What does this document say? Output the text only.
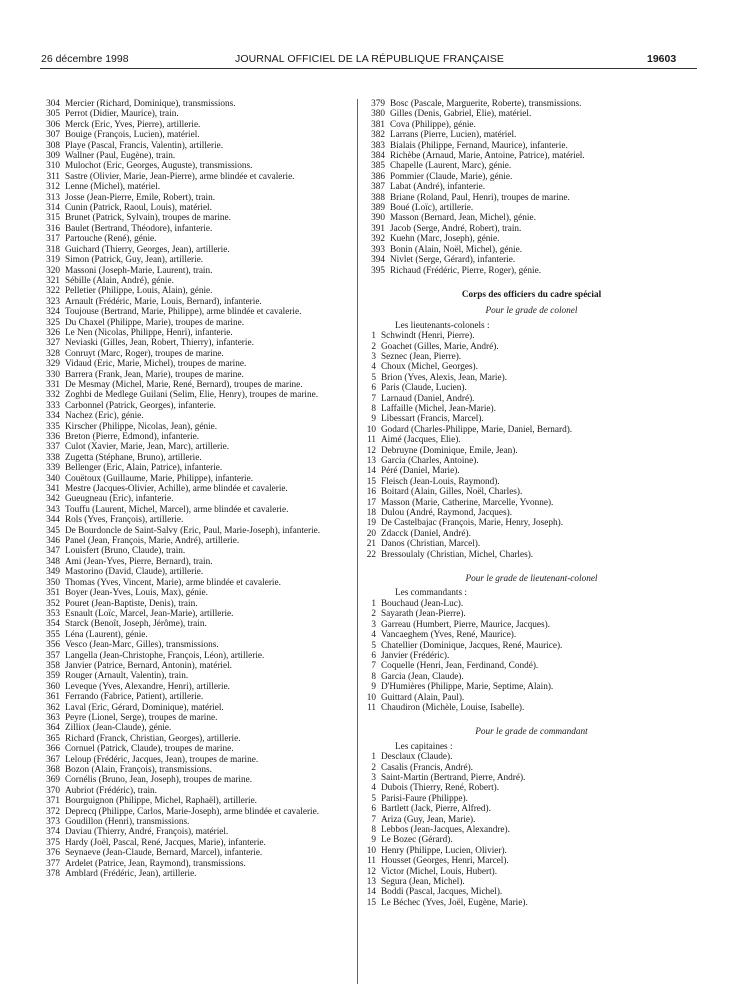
26 décembre 1998	JOURNAL OFFICIEL DE LA RÉPUBLIQUE FRANÇAISE	19603
304 Mercier (Richard, Dominique), transmissions.
305 Perrot (Didier, Maurice), train.
306 Merck (Eric, Yves, Pierre), artillerie.
307 Bouige (François, Lucien), matériel.
308 Playe (Pascal, Francis, Valentin), artillerie.
309 Wallner (Paul, Eugène), train.
310 Mulochot (Eric, Georges, Auguste), transmissions.
311 Sastre (Olivier, Marie, Jean-Pierre), arme blindée et cavalerie.
312 Lenne (Michel), matériel.
313 Josse (Jean-Pierre, Emile, Robert), train.
314 Cunin (Patrick, Raoul, Louis), matériel.
315 Brunet (Patrick, Sylvain), troupes de marine.
316 Baulet (Bertrand, Théodore), infanterie.
317 Partouche (René), génie.
318 Guichard (Thierry, Georges, Jean), artillerie.
319 Simon (Patrick, Guy, Jean), artillerie.
320 Massoni (Joseph-Marie, Laurent), train.
321 Sébille (Alain, André), génie.
322 Pelletier (Philippe, Louis, Alain), génie.
323 Arnault (Frédéric, Marie, Louis, Bernard), infanterie.
324 Toujouse (Bertrand, Marie, Philippe), arme blindée et cavalerie.
325 Du Chaxel (Philippe, Marie), troupes de marine.
326 Le Nen (Nicolas, Philippe, Henri), infanterie.
327 Neviaski (Gilles, Jean, Robert, Thierry), infanterie.
328 Conruyt (Marc, Roger), troupes de marine.
329 Vidaud (Eric, Marie, Michel), troupes de marine.
330 Barrera (Frank, Jean, Marie), troupes de marine.
331 De Mesmay (Michel, Marie, René, Bernard), troupes de marine.
332 Zoghbi de Medlege Guilani (Selim, Elie, Henry), troupes de marine.
333 Carbonnel (Patrick, Georges), infanterie.
334 Nachez (Eric), génie.
335 Kirscher (Philippe, Nicolas, Jean), génie.
336 Breton (Pierre, Edmond), infanterie.
337 Culot (Xavier, Marie, Jean, Marc), artillerie.
338 Zugetta (Stéphane, Bruno), artillerie.
339 Bellenger (Eric, Alain, Patrice), infanterie.
340 Couëtoux (Guillaume, Marie, Philippe), infanterie.
341 Mestre (Jacques-Olivier, Achille), arme blindée et cavalerie.
342 Gueugneau (Eric), infanterie.
343 Touffu (Laurent, Michel, Marcel), arme blindée et cavalerie.
344 Rols (Yves, François), artillerie.
345 De Bourdoncle de Saint-Salvy (Eric, Paul, Marie-Joseph), infanterie.
346 Panel (Jean, François, Marie, André), artillerie.
347 Louisfert (Bruno, Claude), train.
348 Ami (Jean-Yves, Pierre, Bernard), train.
349 Mastorino (David, Claude), artillerie.
350 Thomas (Yves, Vincent, Marie), arme blindée et cavalerie.
351 Boyer (Jean-Yves, Louis, Max), génie.
352 Pouret (Jean-Baptiste, Denis), train.
353 Esnault (Loïc, Marcel, Jean-Marie), artillerie.
354 Starck (Benoît, Joseph, Jérôme), train.
355 Léna (Laurent), génie.
356 Vesco (Jean-Marc, Gilles), transmissions.
357 Langella (Jean-Christophe, François, Léon), artillerie.
358 Janvier (Patrice, Bernard, Antonin), matériel.
359 Rouger (Arnault, Valentin), train.
360 Leveque (Yves, Alexandre, Henri), artillerie.
361 Ferrando (Fabrice, Patient), artillerie.
362 Laval (Eric, Gérard, Dominique), matériel.
363 Peyre (Lionel, Serge), troupes de marine.
364 Zilliox (Jean-Claude), génie.
365 Richard (Franck, Christian, Georges), artillerie.
366 Cornuel (Patrick, Claude), troupes de marine.
367 Leloup (Frédéric, Jacques, Jean), troupes de marine.
368 Bozon (Alain, François), transmissions.
369 Cornélis (Bruno, Jean, Joseph), troupes de marine.
370 Aubriot (Frédéric), train.
371 Bourguignon (Philippe, Michel, Raphaël), artillerie.
372 Deprecq (Philippe, Carlos, Marie-Joseph), arme blindée et cavalerie.
373 Goudillon (Henri), transmissions.
374 Daviau (Thierry, André, François), matériel.
375 Hardy (Joël, Pascal, René, Jacques, Marie), infanterie.
376 Seynaeve (Jean-Claude, Bernard, Marcel), infanterie.
377 Ardelet (Patrice, Jean, Raymond), transmissions.
378 Amblard (Frédéric, Jean), artillerie.
379 Bosc (Pascale, Marguerite, Roberte), transmissions.
380 Gilles (Denis, Gabriel, Elie), matériel.
381 Cova (Philippe), génie.
382 Larrans (Pierre, Lucien), matériel.
383 Bialais (Philippe, Fernand, Maurice), infanterie.
384 Richèbe (Arnaud, Marie, Antoine, Patrice), matériel.
385 Chapelle (Laurent, Marc), génie.
386 Pommier (Claude, Marie), génie.
387 Labat (André), infanterie.
388 Briane (Roland, Paul, Henri), troupes de marine.
389 Boué (Loïc), artillerie.
390 Masson (Bernard, Jean, Michel), génie.
391 Jacob (Serge, André, Robert), train.
392 Kuehn (Marc, Joseph), génie.
393 Bonin (Alain, Noël, Michel), génie.
394 Nivlet (Serge, Gérard), infanterie.
395 Richaud (Frédéric, Pierre, Roger), génie.
Corps des officiers du cadre spécial
Pour le grade de colonel
Les lieutenants-colonels :
1 Schwindt (Henri, Pierre).
2 Goachet (Gilles, Marie, André).
3 Seznec (Jean, Pierre).
4 Choux (Michel, Georges).
5 Brion (Yves, Alexis, Jean, Marie).
6 Paris (Claude, Lucien).
7 Larnaud (Daniel, André).
8 Laffaille (Michel, Jean-Marie).
9 Libessart (Francis, Marcel).
10 Godard (Charles-Philippe, Marie, Daniel, Bernard).
11 Aimé (Jacques, Elie).
12 Debruyne (Dominique, Emile, Jean).
13 Garcia (Charles, Antoine).
14 Péré (Daniel, Marie).
15 Fleisch (Jean-Louis, Raymond).
16 Boitard (Alain, Gilles, Noël, Charles).
17 Masson (Marie, Catherine, Marcelle, Yvonne).
18 Dulou (André, Raymond, Jacques).
19 De Castelbajac (François, Marie, Henry, Joseph).
20 Zdacck (Daniel, André).
21 Danos (Christian, Marcel).
22 Bressoulaly (Christian, Michel, Charles).
Pour le grade de lieutenant-colonel
Les commandants :
1 Bouchaud (Jean-Luc).
2 Sayarath (Jean-Pierre).
3 Garreau (Humbert, Pierre, Maurice, Jacques).
4 Vancaeghem (Yves, René, Maurice).
5 Chatellier (Dominique, Jacques, René, Maurice).
6 Janvier (Frédéric).
7 Coquelle (Henri, Jean, Ferdinand, Condé).
8 Garcia (Jean, Claude).
9 D'Humières (Philippe, Marie, Septime, Alain).
10 Guittard (Alain, Paul).
11 Chaudiron (Michèle, Louise, Isabelle).
Pour le grade de commandant
Les capitaines :
1 Desclaux (Claude).
2 Casalis (Francis, André).
3 Saint-Martin (Bertrand, Pierre, André).
4 Dubois (Thierry, René, Robert).
5 Parisi-Faure (Philippe).
6 Bartlett (Jack, Pierre, Alfred).
7 Ariza (Guy, Jean, Marie).
8 Lebbos (Jean-Jacques, Alexandre).
9 Le Bozec (Gérard).
10 Henry (Philippe, Lucien, Olivier).
11 Housset (Georges, Henri, Marcel).
12 Victor (Michel, Louis, Hubert).
13 Segura (Jean, Michel).
14 Boddi (Pascal, Jacques, Michel).
15 Le Béchec (Yves, Joël, Eugène, Marie).
